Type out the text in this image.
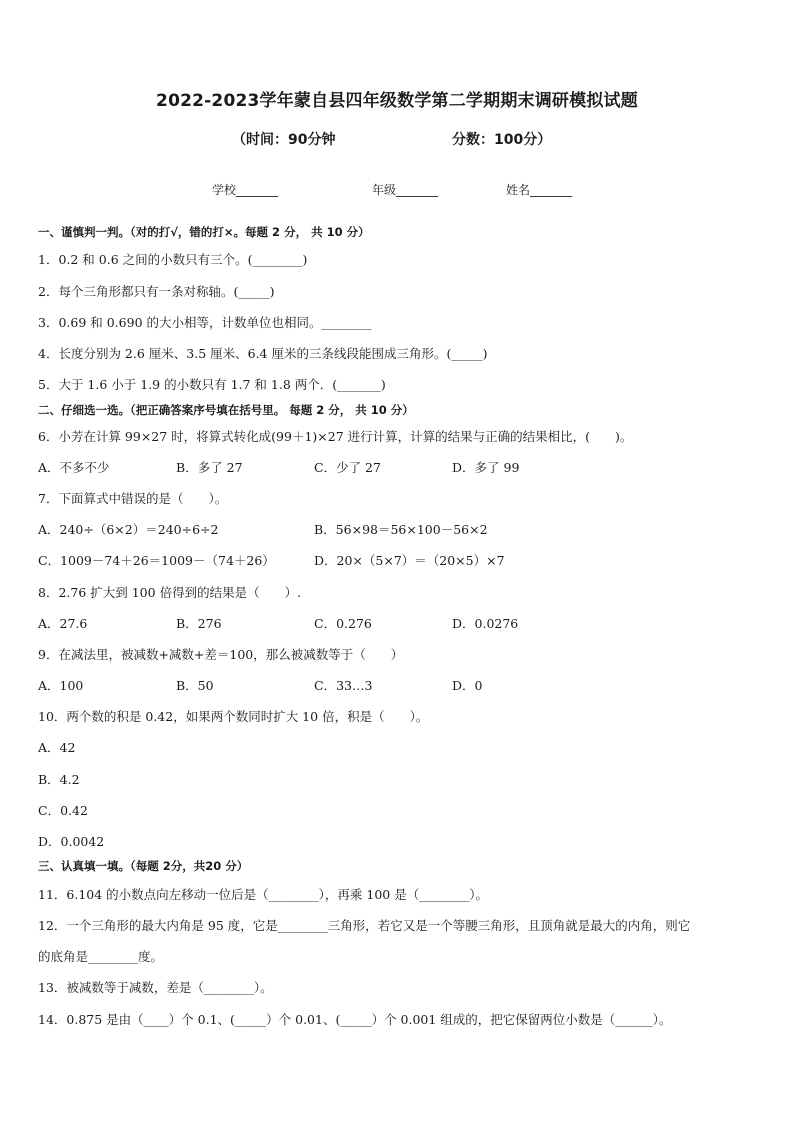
2022-2023学年蒙自县四年级数学第二学期期末调研模拟试题
（时间：90分钟	分数：100分）
学校_______	年级_______	姓名_______
一、谨慎判一判。（对的打√，错的打×。每题 2 分， 共 10 分）
1．0.2 和 0.6 之间的小数只有三个。(________)
2．每个三角形都只有一条对称轴。(_____)
3．0.69 和 0.690 的大小相等，计数单位也相同。________
4．长度分别为 2.6 厘米、3.5 厘米、6.4 厘米的三条线段能围成三角形。(_____)
5．大于 1.6 小于 1.9 的小数只有 1.7 和 1.8 两个．(_______)
二、仔细选一选。（把正确答案序号填在括号里。 每题 2 分， 共 10 分）
6．小芳在计算 99×27 时，将算式转化成(99＋1)×27 进行计算，计算的结果与正确的结果相比，(　　)。
A．不多不少	B．多了 27	C．少了 27	D．多了 99
7．下面算式中错误的是（　　）。
A．240÷（6×2）＝240÷6÷2	B．56×98＝56×100－56×2
C．1009－74＋26＝1009－（74＋26）	D．20×（5×7）＝（20×5）×7
8．2.76 扩大到 100 倍得到的结果是（　　）.
A．27.6	B．276	C．0.276	D．0.0276
9．在减法里，被减数+减数+差＝100，那么被减数等于（　　）
A．100	B．50	C．33…3	D．0
10．两个数的积是 0.42，如果两个数同时扩大 10 倍，积是（　　）。
A．42
B．4.2
C．0.42
D．0.0042
三、认真填一填。（每题 2分，共20 分）
11．6.104 的小数点向左移动一位后是（________），再乘 100 是（________）。
12．一个三角形的最大内角是 95 度，它是________三角形，若它又是一个等腰三角形，且顶角就是最大的内角，则它
的底角是________度。
13．被减数等于减数，差是（________）。
14．0.875 是由（____）个 0.1、(_____）个 0.01、(_____）个 0.001 组成的，把它保留两位小数是（______）。
